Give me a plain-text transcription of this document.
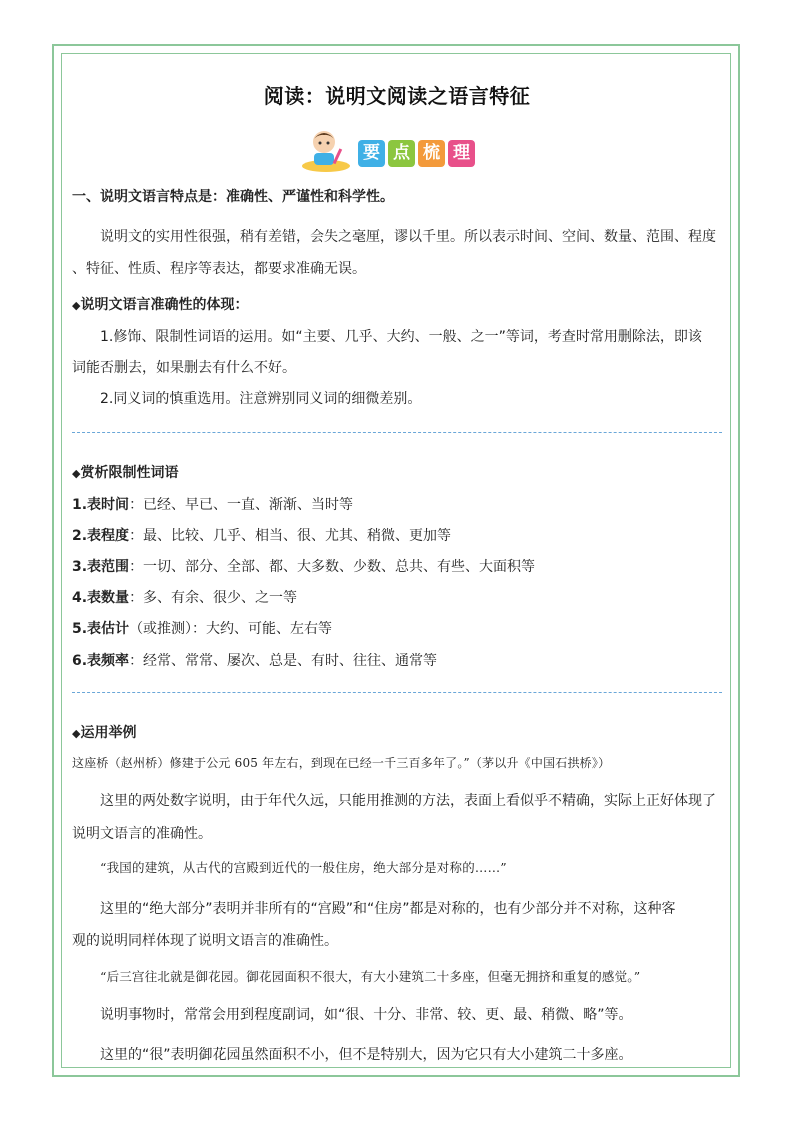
阅读：说明文阅读之语言特征
要 点 梳 理
一、说明文语言特点是：准确性、严谨性和科学性。
说明文的实用性很强，稍有差错，会失之毫厘，谬以千里。所以表示时间、空间、数量、范围、程度
、特征、性质、程序等表达，都要求准确无误。
◆说明文语言准确性的体现：
1.修饰、限制性词语的运用。如“主要、几乎、大约、一般、之一”等词，考查时常用删除法，即该
词能否删去，如果删去有什么不好。
2.同义词的慎重选用。注意辨别同义词的细微差别。
◆赏析限制性词语
1.表时间：已经、早已、一直、渐渐、当时等
2.表程度：最、比较、几乎、相当、很、尤其、稍微、更加等
3.表范围：一切、部分、全部、都、大多数、少数、总共、有些、大面积等
4.表数量：多、有余、很少、之一等
5.表估计（或推测）：大约、可能、左右等
6.表频率：经常、常常、屡次、总是、有时、往往、通常等
◆运用举例
这座桥（赵州桥）修建于公元 605 年左右，到现在已经一千三百多年了。”（茅以升《中国石拱桥》）
这里的两处数字说明，由于年代久远，只能用推测的方法，表面上看似乎不精确，实际上正好体现了
说明文语言的准确性。
“我国的建筑，从古代的宫殿到近代的一般住房，绝大部分是对称的……”
这里的“绝大部分”表明并非所有的“宫殿”和“住房”都是对称的，也有少部分并不对称，这种客
观的说明同样体现了说明文语言的准确性。
“后三宫往北就是御花园。御花园面积不很大，有大小建筑二十多座，但毫无拥挤和重复的感觉。”
说明事物时，常常会用到程度副词，如“很、十分、非常、较、更、最、稍微、略”等。
这里的“很”表明御花园虽然面积不小，但不是特别大，因为它只有大小建筑二十多座。
